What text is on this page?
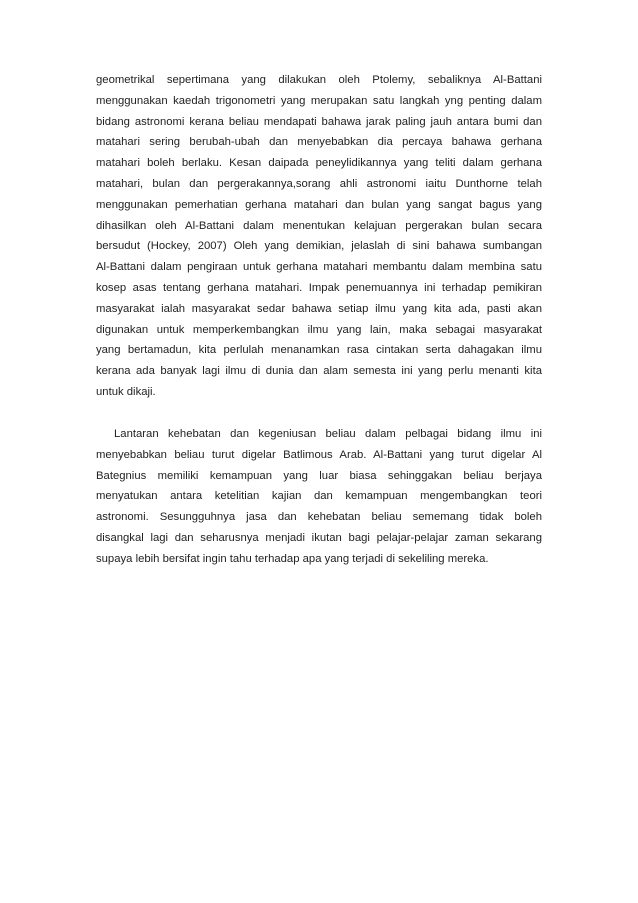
geometrikal sepertimana yang dilakukan oleh Ptolemy, sebaliknya Al-Battani
menggunakan kaedah trigonometri yang merupakan satu langkah yng penting dalam
bidang astronomi kerana beliau mendapati bahawa jarak paling jauh antara bumi dan
matahari sering berubah-ubah dan menyebabkan dia percaya bahawa gerhana
matahari boleh berlaku. Kesan daipada peneylidikannya yang teliti dalam gerhana
matahari, bulan dan pergerakannya,sorang ahli astronomi iaitu Dunthorne telah
menggunakan pemerhatian gerhana matahari dan bulan yang sangat bagus yang
dihasilkan oleh Al-Battani dalam menentukan kelajuan pergerakan bulan secara
bersudut (Hockey, 2007) Oleh yang demikian, jelaslah di sini bahawa sumbangan
Al-Battani dalam pengiraan untuk gerhana matahari membantu dalam membina satu
kosep asas tentang gerhana matahari. Impak penemuannya ini terhadap pemikiran
masyarakat ialah masyarakat sedar bahawa setiap ilmu yang kita ada, pasti akan
digunakan untuk memperkembangkan ilmu yang lain, maka sebagai masyarakat
yang bertamadun, kita perlulah menanamkan rasa cintakan serta dahagakan ilmu
kerana ada banyak lagi ilmu di dunia dan alam semesta ini yang perlu menanti kita
untuk dikaji.
Lantaran kehebatan dan kegeniusan beliau dalam pelbagai bidang ilmu ini
menyebabkan beliau turut digelar Batlimous Arab. Al-Battani yang turut digelar Al
Bategnius memiliki kemampuan yang luar biasa sehinggakan beliau berjaya
menyatukan antara ketelitian kajian dan kemampuan mengembangkan teori
astronomi. Sesungguhnya jasa dan kehebatan beliau sememang tidak boleh
disangkal lagi dan seharusnya menjadi ikutan bagi pelajar-pelajar zaman sekarang
supaya lebih bersifat ingin tahu terhadap apa yang terjadi di sekeliling mereka.
